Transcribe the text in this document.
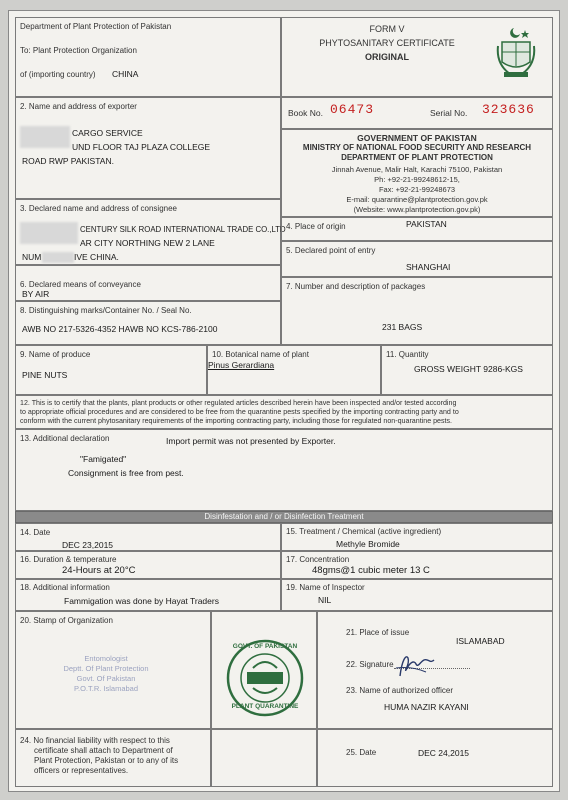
Department of Plant Protection of Pakistan
To: Plant Protection Organization
of (importing country) CHINA
FORM V
PHYTOSANITARY CERTIFICATE
ORIGINAL
2. Name and address of exporter
CARGO SERVICE
UND FLOOR TAJ PLAZA COLLEGE
ROAD RWP PAKISTAN.
Book No. 06473	Serial No. 323636
GOVERNMENT OF PAKISTAN
MINISTRY OF NATIONAL FOOD SECURITY AND RESEARCH
DEPARTMENT OF PLANT PROTECTION
Jinnah Avenue, Malir Halt, Karachi 75100, Pakistan
Ph: +92-21-99248612-15,
Fax: +92-21-99248673
E-mail: quarantine@plantprotection.gov.pk
(Website: www.plantprotection.gov.pk)
3. Declared name and address of consignee
CENTURY SILK ROAD INTERNATIONAL TRADE CO.,LTD
AR CITY NORTHING NEW 2 LANE
NUM	IVE CHINA.
4. Place of origin	PAKISTAN
5. Declared point of entry
SHANGHAI
6. Declared means of conveyance
BY AIR
7. Number and description of packages
231 BAGS
8. Distinguishing marks/Container No. / Seal No.
AWB NO 217-5326-4352 HAWB NO KCS-786-2100
9. Name of produce
PINE NUTS
10. Botanical name of plant
Pinus Gerardiana
11. Quantity
GROSS WEIGHT 9286-KGS
12. This is to certify that the plants, plant products or other regulated articles described herein have been inspected and/or tested according
to appropriate official procedures and are considered to be free from the quarantine pests specified by the importing contracting party and to
conform with the current phytosanitary requirements of the importing contracting party, including those for regulated non-quarantine pests.
13. Additional declaration	Import permit was not presented by Exporter.
"Famigated"
Consignment is free from pest.
Disinfestation and / or Disinfection Treatment
14. Date
DEC 23,2015
15. Treatment / Chemical (active ingredient)
Methyle Bromide
16. Duration & temperature
24-Hours at 20°C
17. Concentration
48gms@1 cubic meter 13 C
18. Additional information
Fammigation was done by Hayat Traders
19. Name of Inspector
NIL
20. Stamp of Organization
Entomologist
Deptt. Of Plant Protection
Govt. Of Pakistan
P.O.T.R. Islamabad
GOVT. OF PAKISTAN
PLANT QUARANTINE
21. Place of issue
ISLAMABAD
22. Signature
23. Name of authorized officer
HUMA NAZIR KAYANI
24. No financial liability with respect to this
certificate shall attach to Department of
Plant Protection, Pakistan or to any of its
officers or representatives.
25. Date	DEC 24,2015
